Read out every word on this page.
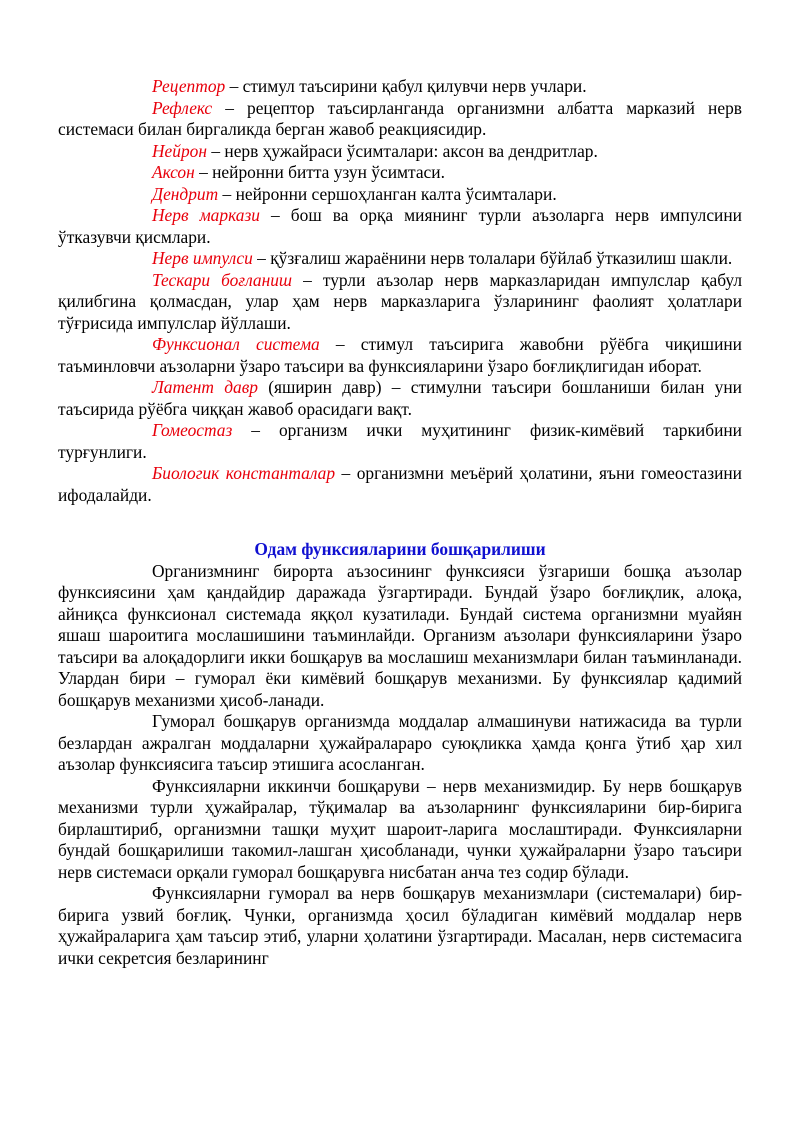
Рецептор – стимул таъсирини қабул қилувчи нерв учлари.

Рефлекс – рецептор таъсирланганда организмни албатта марказий нерв системаси билан биргаликда берган жавоб реакциясидир.

Нейрон – нерв ҳужайраси ўсимталари: аксон ва дендритлар.

Аксон – нейронни битта узун ўсимтаси.

Дендрит – нейронни сершоҳланган калта ўсимталари.

Нерв маркази – бош ва орқа миянинг турли аъзоларга нерв импулсини ўтказувчи қисмлари.

Нерв импулси – қўзғалиш жараёнини нерв толалари бўйлаб ўтказилиш шакли.

Тескари боғланиш – турли аъзолар нерв марказларидан импулслар қабул қилибгина қолмасдан, улар ҳам нерв марказларига ўзларининг фаолият ҳолатлари тўғрисида импулслар йўллаши.

Функсионал система – стимул таъсирига жавобни рўёбга чиқишини таъминловчи аъзоларни ўзаро таъсири ва функсияларини ўзаро боғлиқлигидан иборат.

Латент давр (яширин давр) – стимулни таъсири бошланиши билан уни таъсирида рўёбга чиққан жавоб орасидаги вақт.

Гомеостаз – организм ички муҳитининг физик-кимёвий таркибини турғунлиги.

Биологик константалар – организмни меъёрий ҳолатини, яъни гомеостазини ифодалайди.

Одам функсияларини бошқарилиши

Организмнинг бирорта аъзосининг функсияси ўзгариши бошқа аъзолар функсиясини ҳам қандайдир даражада ўзгартиради. Бундай ўзаро боғлиқлик, алоқа, айниқса функсионал системада яққол кузатилади. Бундай система организмни муайян яшаш шароитига мослашишини таъминлайди. Организм аъзолари функсияларини ўзаро таъсири ва алоқадорлиги икки бошқарув ва мослашиш механизмлари билан таъминланади. Улардан бири – гуморал ёки кимёвий бошқарув механизми. Бу функсиялар қадимий бошқарув механизми ҳисоб-ланади.

Гуморал бошқарув организмда моддалар алмашинуви натижасида ва турли безлардан ажралган моддаларни ҳужайралараро суюқликка ҳамда қонга ўтиб ҳар хил аъзолар функсиясига таъсир этишига асосланган.

Функсияларни иккинчи бошқаруви – нерв механизмидир. Бу нерв бошқарув механизми турли ҳужайралар, тўқималар ва аъзоларнинг функсияларини бир-бирига бирлаштириб, организмни ташқи муҳит шароит-ларига мослаштиради. Функсияларни бундай бошқарилиши такомил-лашган ҳисобланади, чунки ҳужайраларни ўзаро таъсири нерв системаси орқали гуморал бошқарувга нисбатан анча тез содир бўлади.

Функсияларни гуморал ва нерв бошқарув механизмлари (системалари) бир-бирига узвий боғлиқ. Чунки, организмда ҳосил бўладиган кимёвий моддалар нерв ҳужайраларига ҳам таъсир этиб, уларни ҳолатини ўзгартиради. Масалан, нерв системасига ички секретсия безларининг
